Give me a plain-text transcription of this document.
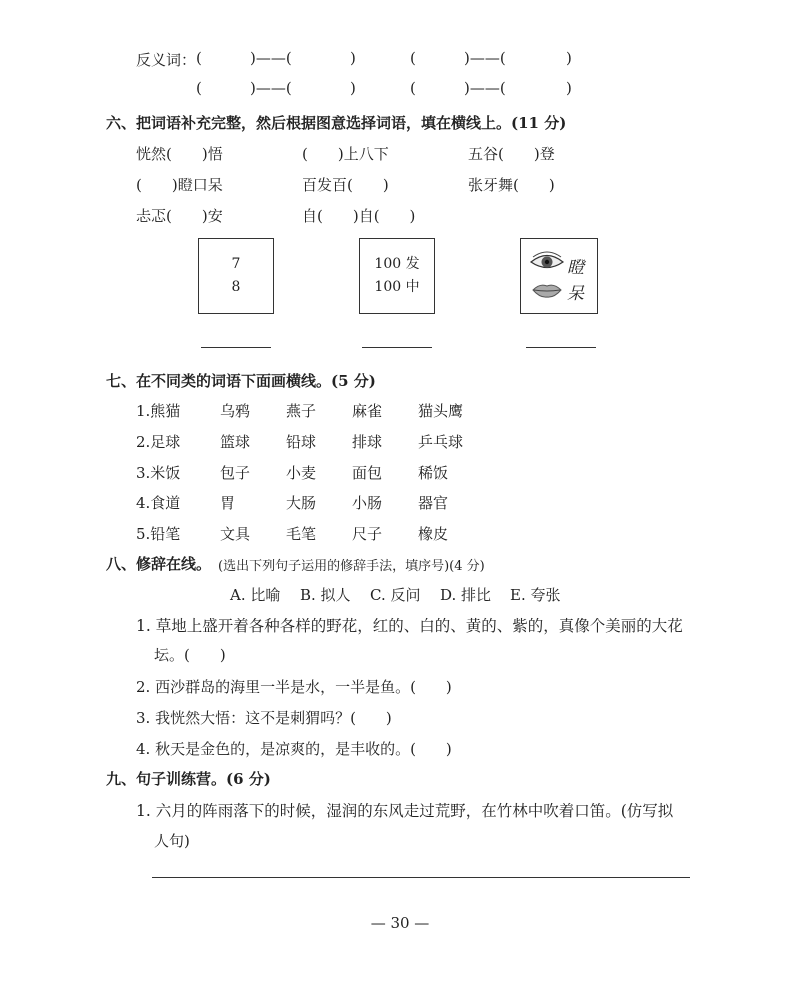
反义词： (	)——(	)	(	)——(	)
(	)——(	)	(	)——(	)
六、把词语补充完整，然后根据图意选择词语，填在横线上。(11 分)
恍然(　　)悟	(　　)上八下	五谷(　　)登
(　　)瞪口呆	百发百(　　)	张牙舞(　　)
忐忑(　　)安	自(　　)自(　　)
7
8
100 发
100 中
瞪
呆
七、在不同类的词语下面画横线。(5 分)
1.熊猫	乌鸦 燕子 麻雀 猫头鹰
2.足球	篮球 铅球 排球 乒乓球
3.米饭	包子 小麦 面包 稀饭
4.食道	胃	大肠 小肠 器官
5.铅笔	文具 毛笔 尺子 橡皮
八、修辞在线。 (选出下列句子运用的修辞手法，填序号)(4 分)
A. 比喻 B. 拟人 C. 反问 D. 排比 E. 夸张
1. 草地上盛开着各种各样的野花，红的、白的、黄的、紫的，真像个美丽的大花
坛。(　　)
2. 西沙群岛的海里一半是水，一半是鱼。(　　)
3. 我恍然大悟：这不是刺猬吗？(　　)
4. 秋天是金色的，是凉爽的，是丰收的。(　　)
九、句子训练营。(6 分)
1. 六月的阵雨落下的时候，湿润的东风走过荒野，在竹林中吹着口笛。(仿写拟
人句)
— 30 —
